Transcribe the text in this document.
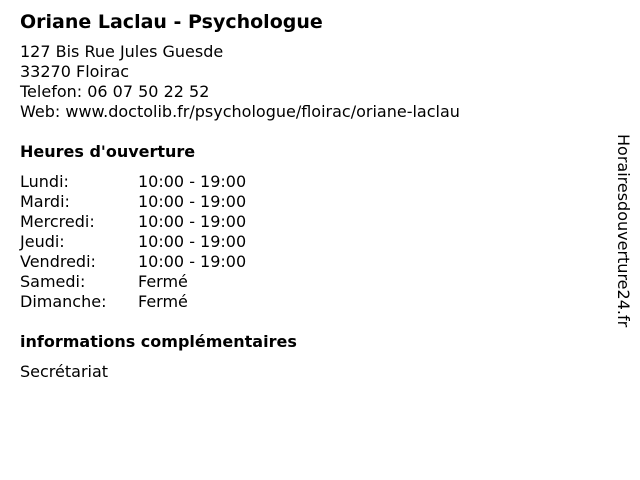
Oriane Laclau - Psychologue
127 Bis Rue Jules Guesde
33270 Floirac
Telefon: 06 07 50 22 52
Web: www.doctolib.fr/psychologue/floirac/oriane-laclau
Heures d'ouverture
Lundi:	10:00 - 19:00
Mardi:	10:00 - 19:00
Mercredi:	10:00 - 19:00
Jeudi:	10:00 - 19:00
Vendredi:	10:00 - 19:00
Samedi:	Fermé
Dimanche:	Fermé
informations complémentaires
Secrétariat
Horairesdouverture24.fr
